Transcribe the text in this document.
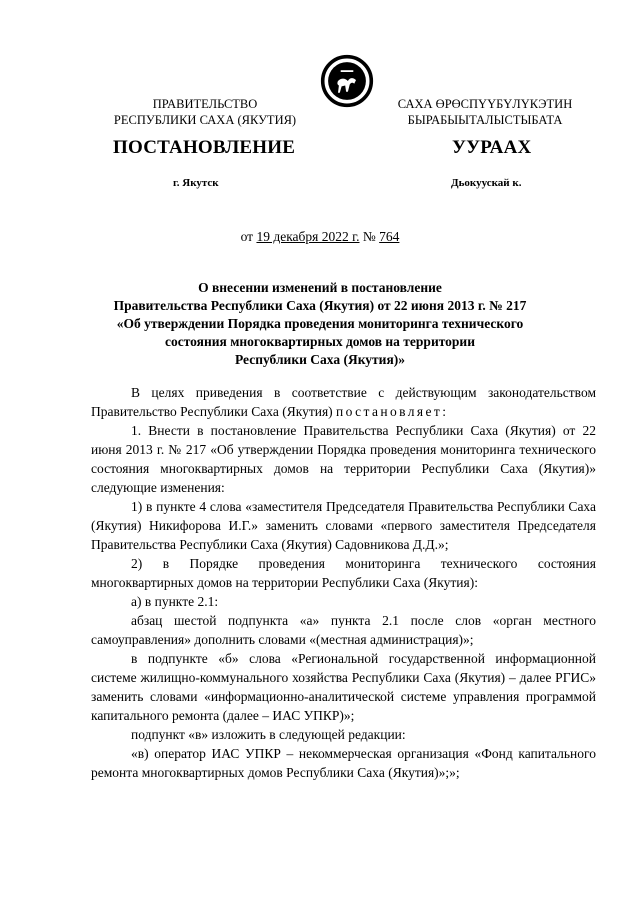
ПРАВИТЕЛЬСТВО
РЕСПУБЛИКИ САХА (ЯКУТИЯ)
САХА ӨРӨСПҮҮБҮЛҮКЭТИН
БЫРАБЫЫТАЛЫСТЫБАТА
ПОСТАНОВЛЕНИЕ	УУРААХ
г. Якутск	Дьокуускай к.
от 19 декабря 2022 г. № 764
О внесении изменений в постановление
Правительства Республики Саха (Якутия) от 22 июня 2013 г. № 217
«Об утверждении Порядка проведения мониторинга технического
состояния многоквартирных домов на территории
Республики Саха (Якутия)»

В целях приведения в соответствие с действующим законодательством Правительство Республики Саха (Якутия) постановляет:

1. Внести в постановление Правительства Республики Саха (Якутия) от 22 июня 2013 г. № 217 «Об утверждении Порядка проведения мониторинга технического состояния многоквартирных домов на территории Республики Саха (Якутия)» следующие изменения:

1) в пункте 4 слова «заместителя Председателя Правительства Республики Саха (Якутия) Никифорова И.Г.» заменить словами «первого заместителя Председателя Правительства Республики Саха (Якутия) Садовникова Д.Д.»;

2) в Порядке проведения мониторинга технического состояния многоквартирных домов на территории Республики Саха (Якутия):

а) в пункте 2.1:

абзац шестой подпункта «а» пункта 2.1 после слов «орган местного самоуправления» дополнить словами «(местная администрация)»;

в подпункте «б» слова «Региональной государственной информационной системе жилищно-коммунального хозяйства Республики Саха (Якутия) – далее РГИС» заменить словами «информационно-аналитической системе управления программой капитального ремонта (далее – ИАС УПКР)»;

подпункт «в» изложить в следующей редакции:

«в) оператор ИАС УПКР – некоммерческая организация «Фонд капитального ремонта многоквартирных домов Республики Саха (Якутия)»;»;
